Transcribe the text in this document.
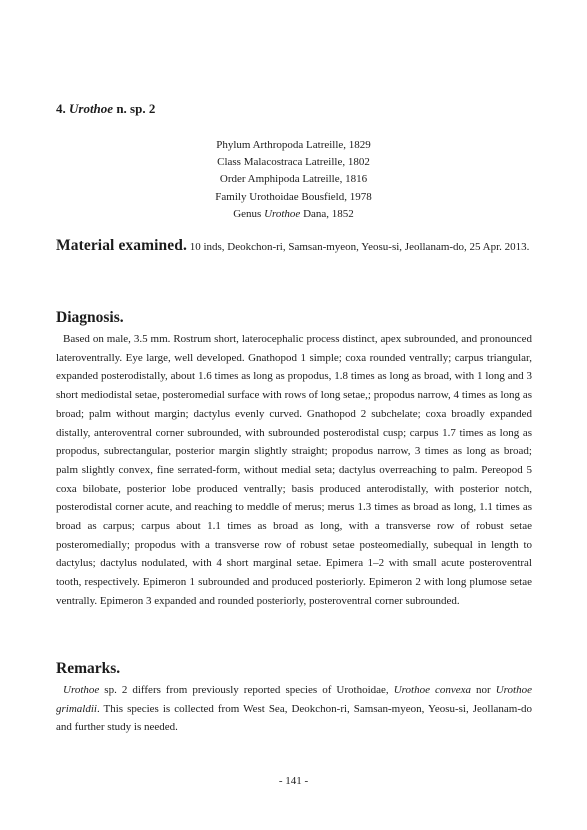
4. Urothoe n. sp. 2
Phylum Arthropoda Latreille, 1829
Class Malacostraca Latreille, 1802
Order Amphipoda Latreille, 1816
Family Urothoidae Bousfield, 1978
Genus Urothoe Dana, 1852
Material examined. 10 inds, Deokchon-ri, Samsan-myeon, Yeosu-si, Jeollanam-do, 25 Apr. 2013.
Diagnosis.
Based on male, 3.5 mm. Rostrum short, laterocephalic process distinct, apex subrounded, and pronounced lateroventrally. Eye large, well developed. Gnathopod 1 simple; coxa rounded ventrally; carpus triangular, expanded posterodistally, about 1.6 times as long as propodus, 1.8 times as long as broad, with 1 long and 3 short mediodistal setae, posteromedial surface with rows of long setae,; propodus narrow, 4 times as long as broad; palm without margin; dactylus evenly curved. Gnathopod 2 subchelate; coxa broadly expanded distally, anteroventral corner subrounded, with subrounded posterodistal cusp; carpus 1.7 times as long as propodus, subrectangular, posterior margin slightly straight; propodus narrow, 3 times as long as broad; palm slightly convex, fine serrated-form, without medial seta; dactylus overreaching to palm. Pereopod 5 coxa bilobate, posterior lobe produced ventrally; basis produced anterodistally, with posterior notch, posterodistal corner acute, and reaching to meddle of merus; merus 1.3 times as broad as long, 1.1 times as broad as carpus; carpus about 1.1 times as broad as long, with a transverse row of robust setae posteromedially; propodus with a transverse row of robust setae posteomedially, subequal in length to dactylus; dactylus nodulated, with 4 short marginal setae. Epimera 1–2 with small acute posteroventral tooth, respectively. Epimeron 1 subrounded and produced posteriorly. Epimeron 2 with long plumose setae ventrally. Epimeron 3 expanded and rounded posteriorly, posteroventral corner subrounded.
Remarks.
Urothoe sp. 2 differs from previously reported species of Urothoidae, Urothoe convexa nor Urothoe grimaldii. This species is collected from West Sea, Deokchon-ri, Samsan-myeon, Yeosu-si, Jeollanam-do and further study is needed.
- 141 -
